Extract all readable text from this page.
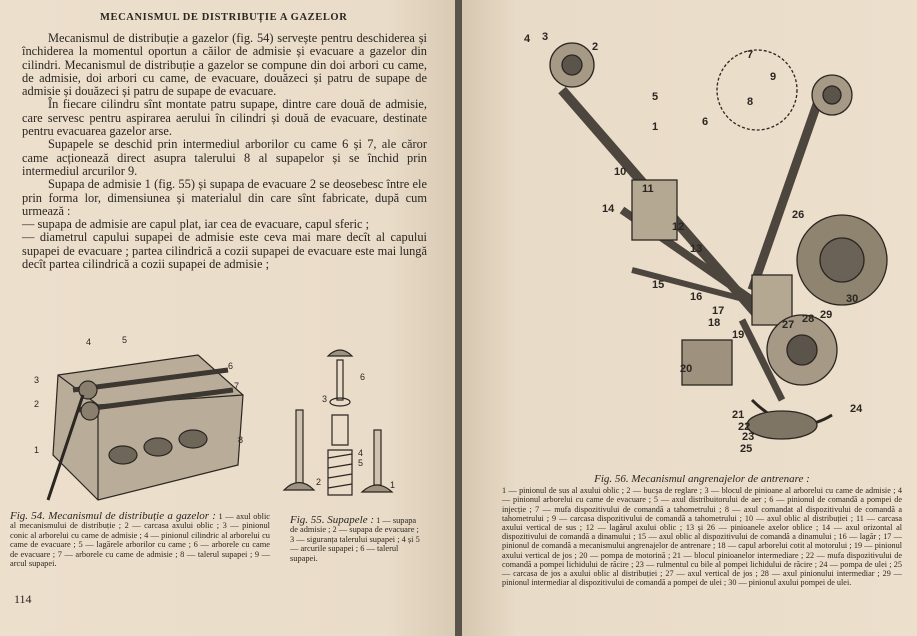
MECANISMUL DE DISTRIBUȚIE A GAZELOR

Mecanismul de distribuție a gazelor (fig. 54) servește pentru deschiderea și închiderea la momentul oportun a căilor de admisie și evacuare a gazelor din cilindri. Mecanismul de distribuție a gazelor se compune din doi arbori cu came, de admisie, doi arbori cu came, de evacuare, douăzeci și patru de supape de admisie și douăzeci și patru de supape de evacuare.

În fiecare cilindru sînt montate patru supape, dintre care două de admisie, care servesc pentru aspirarea aerului în cilindri și două de evacuare, destinate pentru evacuarea gazelor arse.

Supapele se deschid prin intermediul arborilor cu came 6 și 7, ale căror came acționează direct asupra talerului 8 al supapelor și se închid prin intermediul arcurilor 9.

Supapa de admisie 1 (fig. 55) și supapa de evacuare 2 se deosebesc între ele prin forma lor, dimensiunea și materialul din care sînt fabricate, după cum urmează :

— supapa de admisie are capul plat, iar cea de evacuare, capul sferic ;

— diametrul capului supapei de admisie este ceva mai mare decît al capului supapei de evacuare ; partea cilindrică a cozii supapei de evacuare este mai lungă decît partea cilindrică a cozii supapei de admisie ;

1
2
3
4	5
6
7
8
1
2
3
4
5
6
Fig. 54. Mecanismul de distribuție a gazelor : 1 — axul oblic al mecanismului de distribuție ; 2 — carcasa axului oblic ; 3 — pinionul conic al arborelui cu came de admisie ; 4 — pinionul cilindric al arborelui cu came de evacuare ; 5 — lagărele arborilor cu came ; 6 — arborele cu came de evacuare ; 7 — arborele cu came de admisie ; 8 — talerul supapei ; 9 — arcul supapei.
Fig. 55. Supapele : 1 — supapa de admisie ; 2 — supapa de evacuare ; 3 — siguranța talerului supapei ; 4 și 5 — arcurile supapei ; 6 — talerul supapei.
114
1
2
3
4
5
6
7
8
9
10
11
12
13
14
15
16
17
18
19
20
21
22
23
24
25
26
27 28 29
30
Fig. 56. Mecanismul angrenajelor de antrenare :
1 — pinionul de sus al axului oblic ; 2 — bucșa de reglare ; 3 — blocul de pinioane al arborelui cu came de admisie ; 4 — pinionul arborelui cu came de evacuare ; 5 — axul distribuitorului de aer ; 6 — pinionul de comandă a pompei de injecție ; 7 — mufa dispozitivului de comandă a tahometrului ; 8 — axul comandat al dispozitivului de comandă a tahometrului ; 9 — carcasa dispozitivului de comandă a tahometrului ; 10 — axul oblic al distribuției ; 11 — carcasa axului vertical de sus ; 12 — lagărul axului oblic ; 13 și 26 — pinioanele axelor oblice ; 14 — axul orizontal al dispozitivului de comandă a dinamului ; 15 — axul oblic al dispozitivului de comandă a dinamului ; 16 — lagăr ; 17 — pinionul de comandă a mecanismului angrenajelor de antrenare ; 18 — capul arborelui cotit al motorului ; 19 — pinionul axului vertical de jos ; 20 — pompa de motorină ; 21 — blocul pinioanelor intermediare ; 22 — mufa dispozitivului de comandă a pompei lichidului de răcire ; 23 — rulmentul cu bile al pompei lichidului de răcire ; 24 — pompa de ulei ; 25 — carcasa de jos a axului oblic al distribuției ; 27 — axul vertical de jos ; 28 — axul pinionului intermediar ; 29 — pinionul intermediar al dispozitivului de comandă a pompei de ulei ; 30 — pinionul axului pompei de ulei.
